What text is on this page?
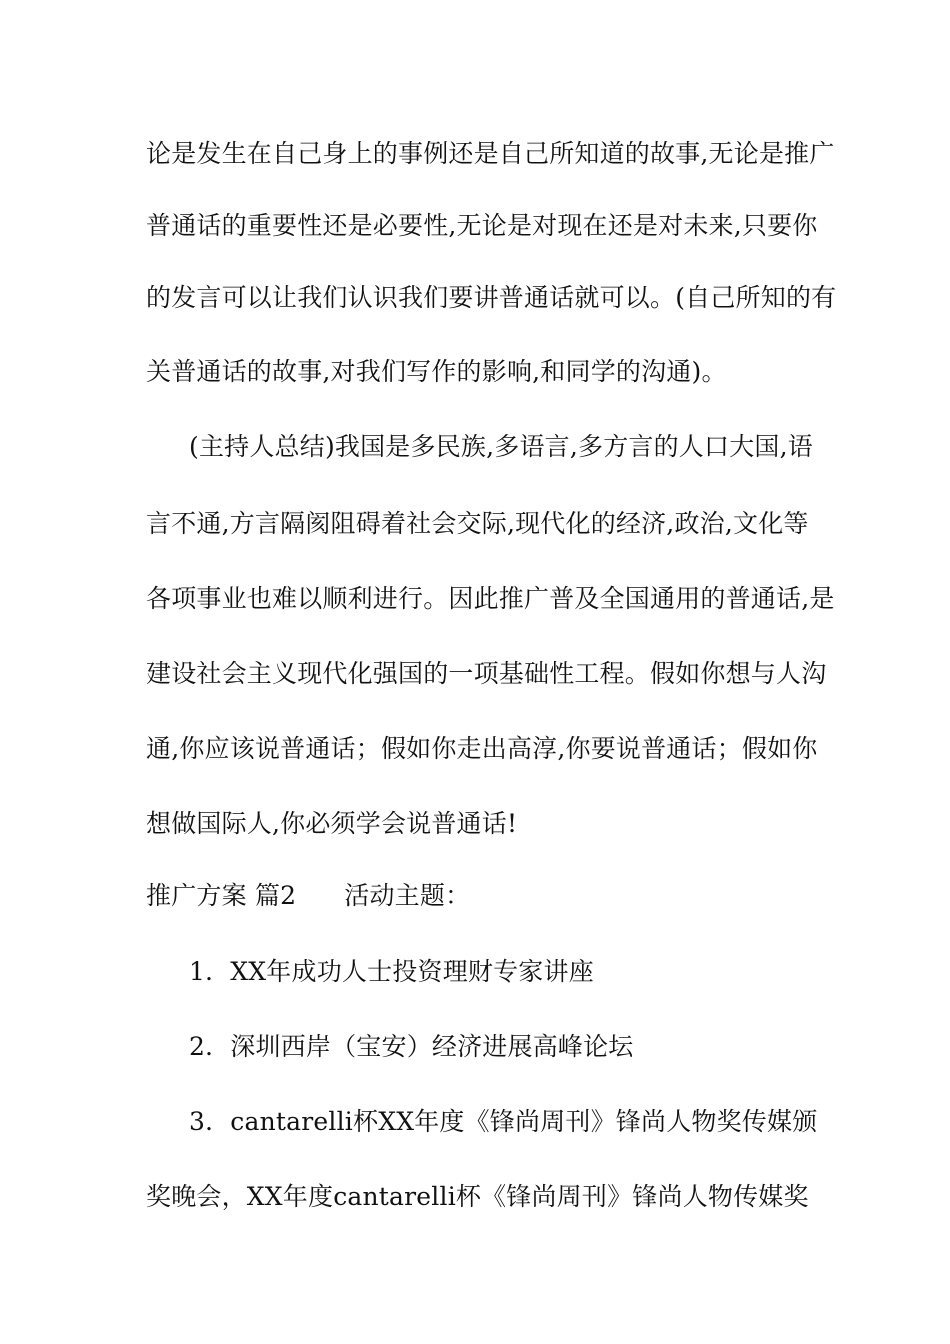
论是发生在自己身上的事例还是自己所知道的故事,无论是推广
普通话的重要性还是必要性,无论是对现在还是对未来,只要你
的发言可以让我们认识我们要讲普通话就可以。(自己所知的有
关普通话的故事,对我们写作的影响,和同学的沟通)。
(主持人总结)我国是多民族,多语言,多方言的人口大国,语
言不通,方言隔阂阻碍着社会交际,现代化的经济,政治,文化等
各项事业也难以顺利进行。因此推广普及全国通用的普通话,是
建设社会主义现代化强国的一项基础性工程。假如你想与人沟
通,你应该说普通话；假如你走出高淳,你要说普通话；假如你
想做国际人,你必须学会说普通话!
推广方案 篇2 活动主题：
1．XX年成功人士投资理财专家讲座
2．深圳西岸（宝安）经济进展高峰论坛
3．cantarelli杯XX年度《锋尚周刊》锋尚人物奖传媒颁
奖晚会，XX年度cantarelli杯《锋尚周刊》锋尚人物传媒奖
